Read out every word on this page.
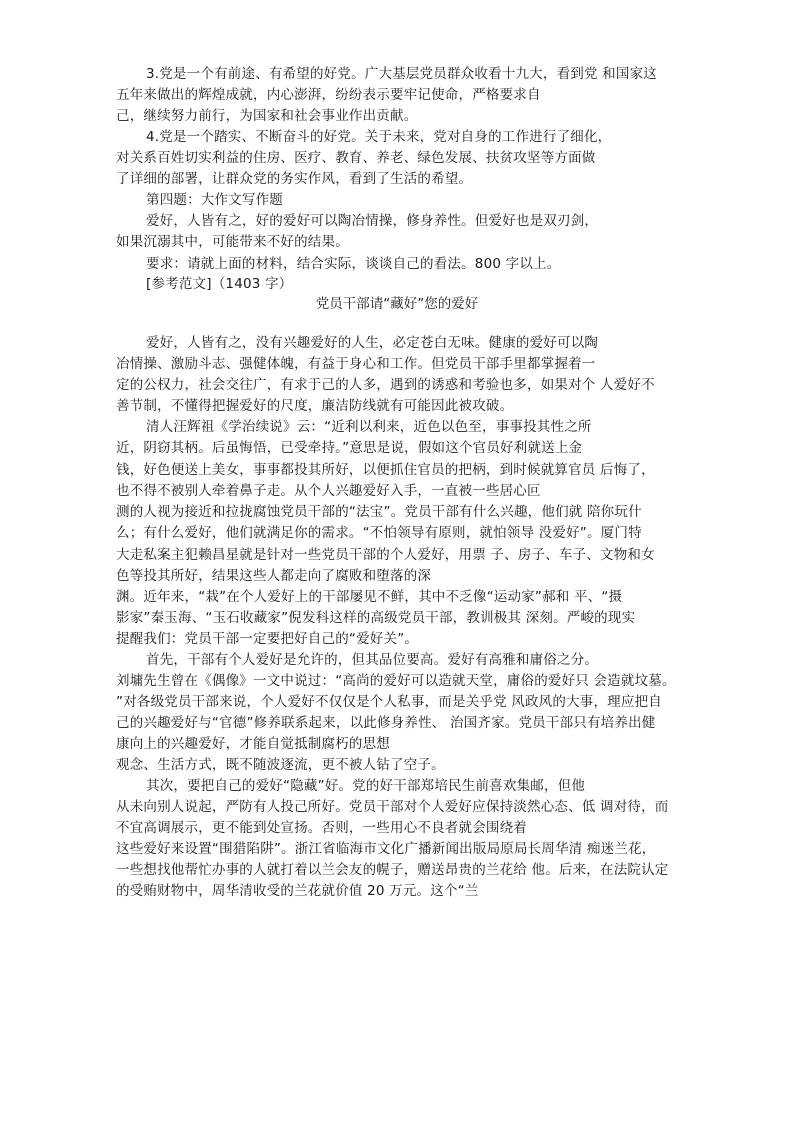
3.党是一个有前途、有希望的好党。广大基层党员群众收看十九大，看到党 和国家这
五年来做出的辉煌成就，内心澎湃，纷纷表示要牢记使命，严格要求自
己，继续努力前行，为国家和社会事业作出贡献。
4.党是一个踏实、不断奋斗的好党。关于未来，党对自身的工作进行了细化，
对关系百姓切实利益的住房、医疗、教育、养老、绿色发展、扶贫攻坚等方面做
了详细的部署，让群众党的务实作风，看到了生活的希望。
第四题：大作文写作题
爱好，人皆有之，好的爱好可以陶冶情操，修身养性。但爱好也是双刃剑，
如果沉溺其中，可能带来不好的结果。
要求：请就上面的材料，结合实际，谈谈自己的看法。800 字以上。
[参考范文]（1403 字）
党员干部请“藏好”您的爱好
爱好，人皆有之，没有兴趣爱好的人生，必定苍白无味。健康的爱好可以陶
冶情操、激励斗志、强健体魄，有益于身心和工作。但党员干部手里都掌握着一
定的公权力，社会交往广，有求于己的人多，遇到的诱惑和考验也多，如果对个 人爱好不
善节制，不懂得把握爱好的尺度，廉洁防线就有可能因此被攻破。
清人汪辉祖《学治续说》云：“近利以利来，近色以色至，事事投其性之所
近，阴窃其柄。后虽悔悟，已受牵持。”意思是说，假如这个官员好利就送上金
钱，好色便送上美女，事事都投其所好，以便抓住官员的把柄，到时候就算官员 后悔了，
也不得不被别人牵着鼻子走。从个人兴趣爱好入手，一直被一些居心叵
测的人视为接近和拉拢腐蚀党员干部的“法宝”。党员干部有什么兴趣，他们就 陪你玩什
么；有什么爱好，他们就满足你的需求。“不怕领导有原则，就怕领导 没爱好”。厦门特
大走私案主犯赖昌星就是针对一些党员干部的个人爱好，用票 子、房子、车子、文物和女
色等投其所好，结果这些人都走向了腐败和堕落的深
渊。近年来，“栽”在个人爱好上的干部屡见不鲜，其中不乏像“运动家”郝和 平、“摄
影家”秦玉海、“玉石收藏家”倪发科这样的高级党员干部，教训极其 深刻。严峻的现实
提醒我们：党员干部一定要把好自己的“爱好关”。
首先，干部有个人爱好是允许的，但其品位要高。爱好有高雅和庸俗之分。
刘墉先生曾在《偶像》一文中说过：“高尚的爱好可以造就天堂，庸俗的爱好只 会造就坟墓。
”对各级党员干部来说，个人爱好不仅仅是个人私事，而是关乎党 风政风的大事，理应把自
己的兴趣爱好与“官德”修养联系起来，以此修身养性、 治国齐家。党员干部只有培养出健
康向上的兴趣爱好，才能自觉抵制腐朽的思想
观念、生活方式，既不随波逐流，更不被人钻了空子。
其次，要把自己的爱好“隐藏”好。党的好干部郑培民生前喜欢集邮，但他
从未向别人说起，严防有人投己所好。党员干部对个人爱好应保持淡然心态、低 调对待，而
不宜高调展示，更不能到处宣扬。否则，一些用心不良者就会围绕着
这些爱好来设置“围猎陷阱”。浙江省临海市文化广播新闻出版局原局长周华清 痴迷兰花，
一些想找他帮忙办事的人就打着以兰会友的幌子，赠送昂贵的兰花给 他。后来，在法院认定
的受贿财物中，周华清收受的兰花就价值 20 万元。这个“兰
